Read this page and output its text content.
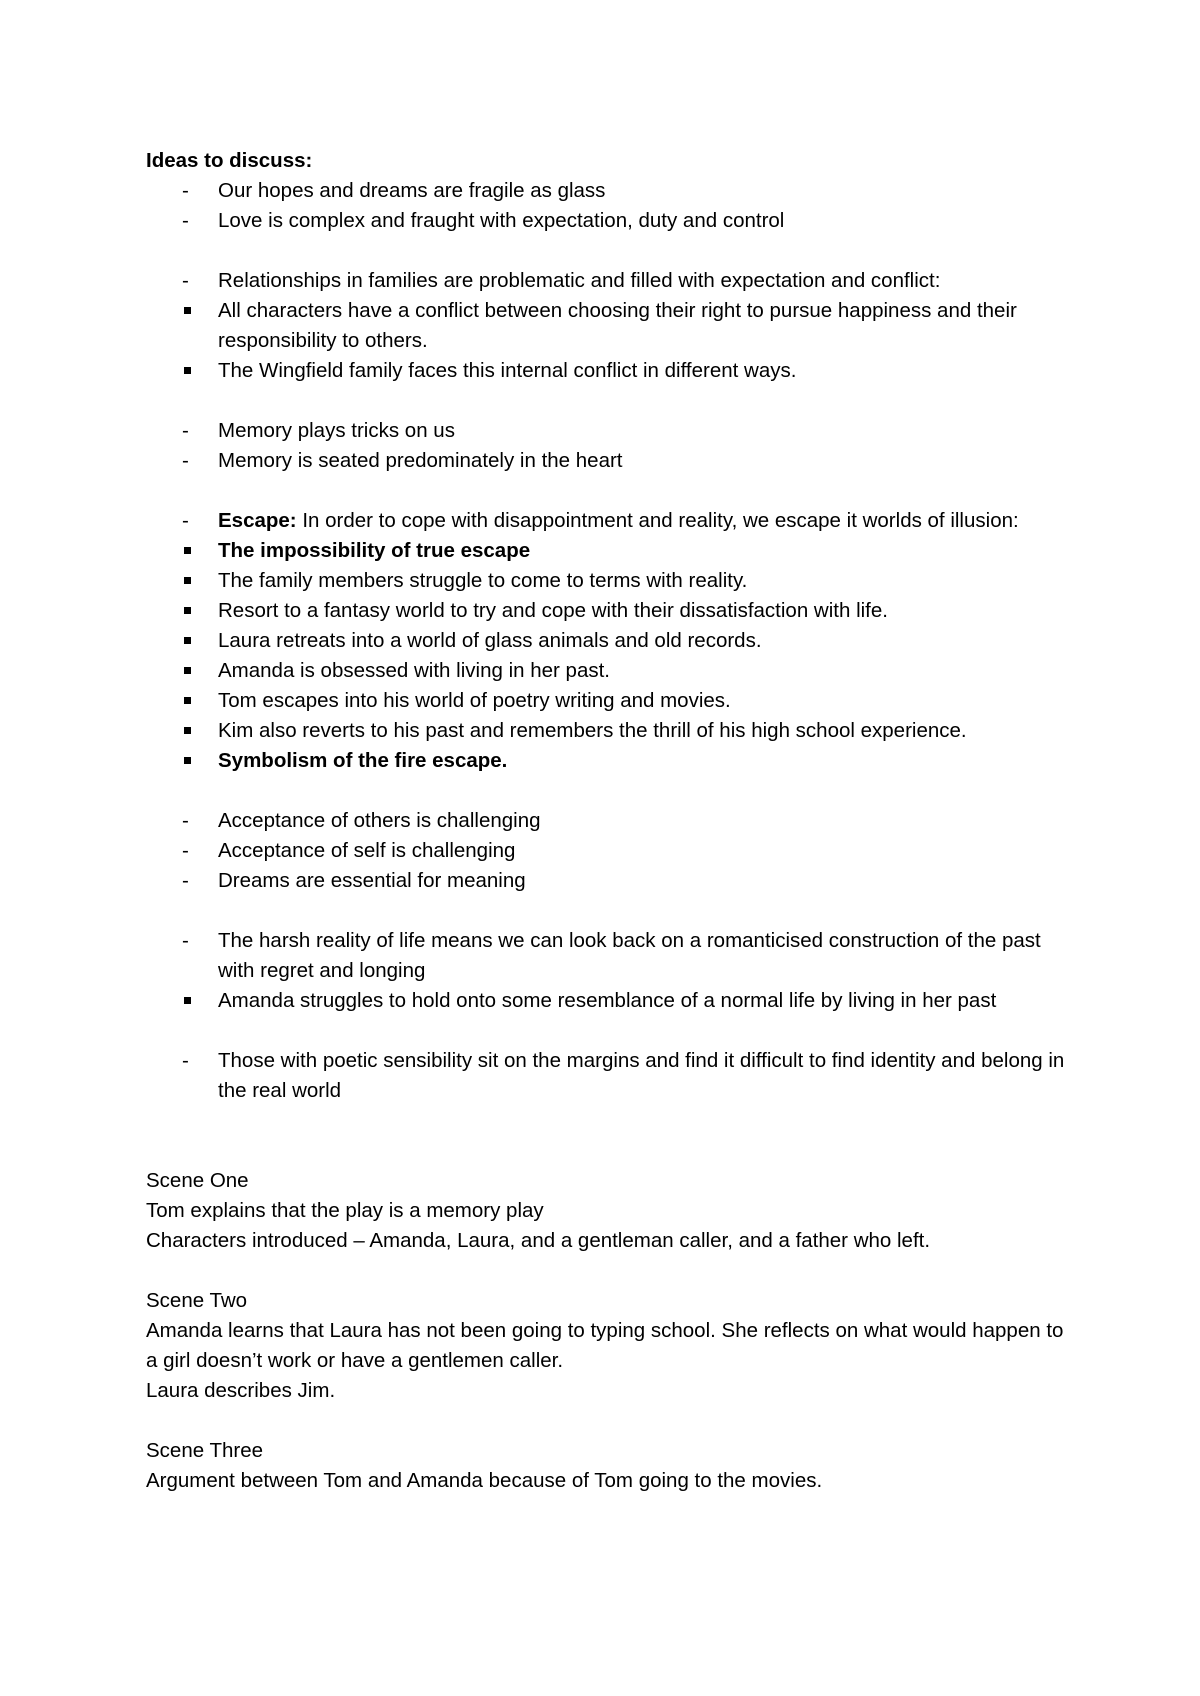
Ideas to discuss:
-	Our hopes and dreams are fragile as glass
-	Love is complex and fraught with expectation, duty and control
-	Relationships in families are problematic and filled with expectation and conflict:
All characters have a conflict between choosing their right to pursue happiness and their responsibility to others.
The Wingfield family faces this internal conflict in different ways.
-	Memory plays tricks on us
-	Memory is seated predominately in the heart
-	Escape: In order to cope with disappointment and reality, we escape it worlds of illusion:
The impossibility of true escape
The family members struggle to come to terms with reality.
Resort to a fantasy world to try and cope with their dissatisfaction with life.
Laura retreats into a world of glass animals and old records.
Amanda is obsessed with living in her past.
Tom escapes into his world of poetry writing and movies.
Kim also reverts to his past and remembers the thrill of his high school experience.
Symbolism of the fire escape.
-	Acceptance of others is challenging
-	Acceptance of self is challenging
-	Dreams are essential for meaning
-	The harsh reality of life means we can look back on a romanticised construction of the past with regret and longing
Amanda struggles to hold onto some resemblance of a normal life by living in her past
-	Those with poetic sensibility sit on the margins and find it difficult to find identity and belong in the real world
Scene One
Tom explains that the play is a memory play
Characters introduced – Amanda, Laura, and a gentleman caller, and a father who left.
Scene Two
Amanda learns that Laura has not been going to typing school. She reflects on what would happen to a girl doesn’t work or have a gentlemen caller.
Laura describes Jim.
Scene Three
Argument between Tom and Amanda because of Tom going to the movies.
